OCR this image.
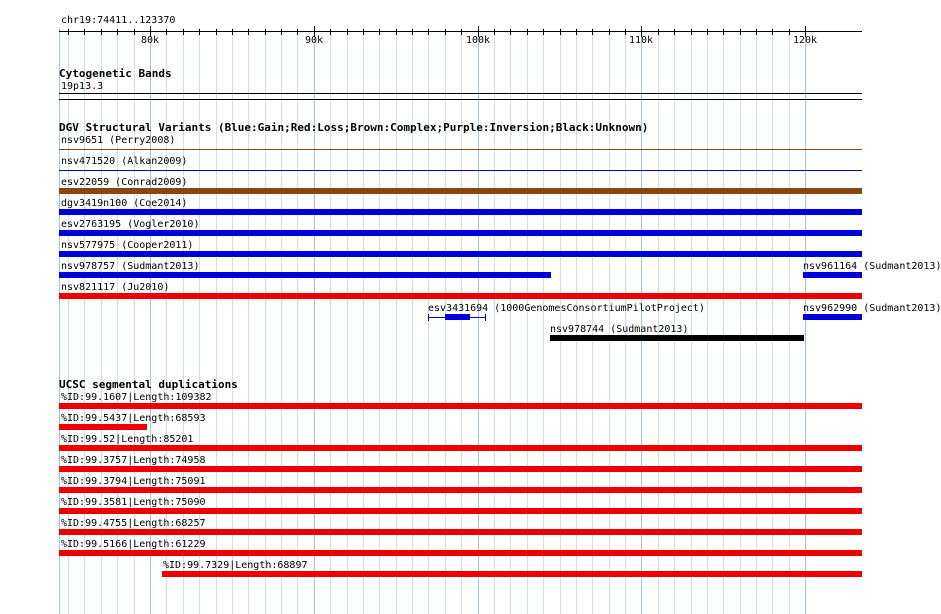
chr19:74411..123370
80k	90k	100k	110k	120k
Cytogenetic Bands
19p13.3
DGV Structural Variants (Blue:Gain;Red:Loss;Brown:Complex;Purple:Inversion;Black:Unknown)
nsv9651 (Perry2008)
nsv471520 (Alkan2009)
esv22059 (Conrad2009)
dgv3419n100 (Coe2014)
esv2763195 (Vogler2010)
nsv577975 (Cooper2011)
nsv978757 (Sudmant2013)	nsv961164 (Sudmant2013)
nsv821117 (Ju2010)
esv3431694 (1000GenomesConsortiumPilotProject)	nsv962990 (Sudmant2013)
nsv978744 (Sudmant2013)
UCSC segmental duplications
%ID:99.1607|Length:109382
%ID:99.5437|Length:68593
%ID:99.52|Length:85201
%ID:99.3757|Length:74958
%ID:99.3794|Length:75091
%ID:99.3581|Length:75090
%ID:99.4755|Length:68257
%ID:99.5166|Length:61229
%ID:99.7329|Length:68897
